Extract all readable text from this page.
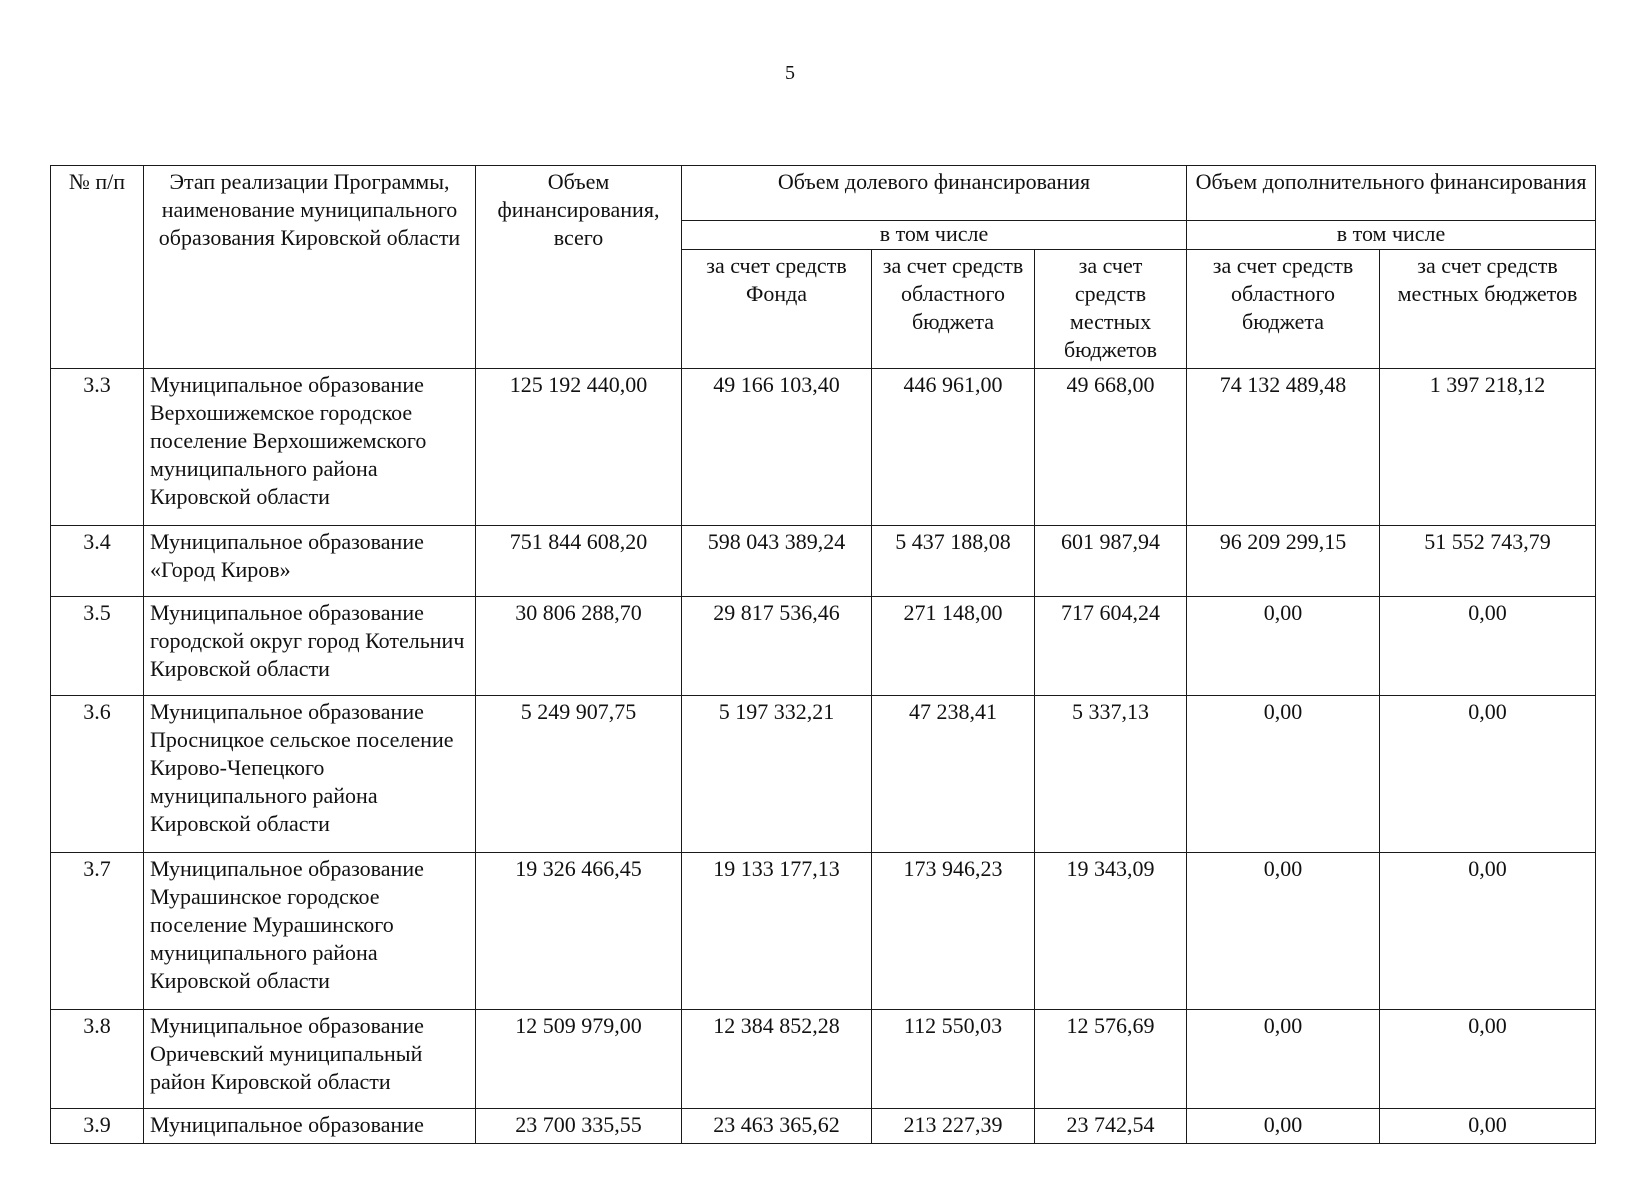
5
№ п/п	Этап реализации Программы, наименование муниципального образования Кировской области	Объем финансирования, всего	Объем долевого финансирования			Объем дополнительного финансирования	
			в том числе			в том числе	
			за счет средств Фонда	за счет средств областного бюджета	за счет средств местных бюджетов	за счет средств областного бюджета	за счет средств местных бюджетов
3.3	Муниципальное образование Верхошижемское городское поселение Верхошижемского муниципального района Кировской области	125 192 440,00	49 166 103,40	446 961,00	49 668,00	74 132 489,48	1 397 218,12
3.4	Муниципальное образование «Город Киров»	751 844 608,20	598 043 389,24	5 437 188,08	601 987,94	96 209 299,15	51 552 743,79
3.5	Муниципальное образование городской округ город Котельнич Кировской области	30 806 288,70	29 817 536,46	271 148,00	717 604,24	0,00	0,00
3.6	Муниципальное образование Просницкое сельское поселение Кирово-Чепецкого муниципального района Кировской области	5 249 907,75	5 197 332,21	47 238,41	5 337,13	0,00	0,00
3.7	Муниципальное образование Мурашинское городское поселение Мурашинского муниципального района Кировской области	19 326 466,45	19 133 177,13	173 946,23	19 343,09	0,00	0,00
3.8	Муниципальное образование Оричевский муниципальный район Кировской области	12 509 979,00	12 384 852,28	112 550,03	12 576,69	0,00	0,00
3.9	Муниципальное образование	23 700 335,55	23 463 365,62	213 227,39	23 742,54	0,00	0,00
